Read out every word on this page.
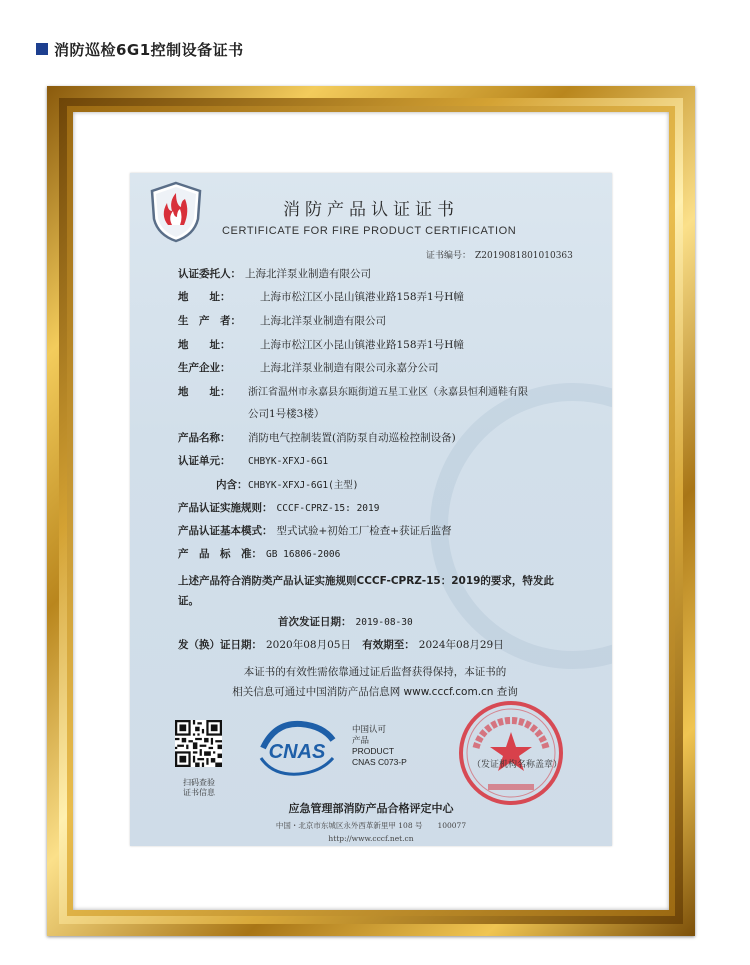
消防巡检6G1控制设备证书
消防产品认证证书
CERTIFICATE FOR FIRE PRODUCT CERTIFICATION
证书编号： Z2019081801010363
认证委托人： 上海北洋泵业制造有限公司
地　　址：	上海市松江区小昆山镇港业路158弄1号H幢
生　产　者： 上海北洋泵业制造有限公司
地　　址：	上海市松江区小昆山镇港业路158弄1号H幢
生产企业：	上海北洋泵业制造有限公司永嘉分公司
地　　址： 浙江省温州市永嘉县东瓯街道五星工业区（永嘉县恒利通鞋有限
公司1号楼3楼）
产品名称： 消防电气控制装置(消防泵自动巡检控制设备)
认证单元： CHBYK-XFXJ-6G1
内含：CHBYK-XFXJ-6G1(主型)
产品认证实施规则： CCCF-CPRZ-15: 2019
产品认证基本模式： 型式试验+初始工厂检查+获证后监督
产　品　标　准： GB 16806-2006
上述产品符合消防类产品认证实施规则CCCF-CPRZ-15：2019的要求，特发此证。
首次发证日期： 2019-08-30
发（换）证日期： 2020年08月05日 有效期至： 2024年08月29日
本证书的有效性需依靠通过证后监督获得保持，本证书的
相关信息可通过中国消防产品信息网 www.cccf.com.cn 查询
扫码查验
证书信息
CNAS
中国认可
产品
PRODUCT
CNAS C073-P	（发证机构名称盖章）
应急管理部消防产品合格评定中心
中国・北京市东城区永外西革新里甲 108 号　　100077
http://www.cccf.net.cn
